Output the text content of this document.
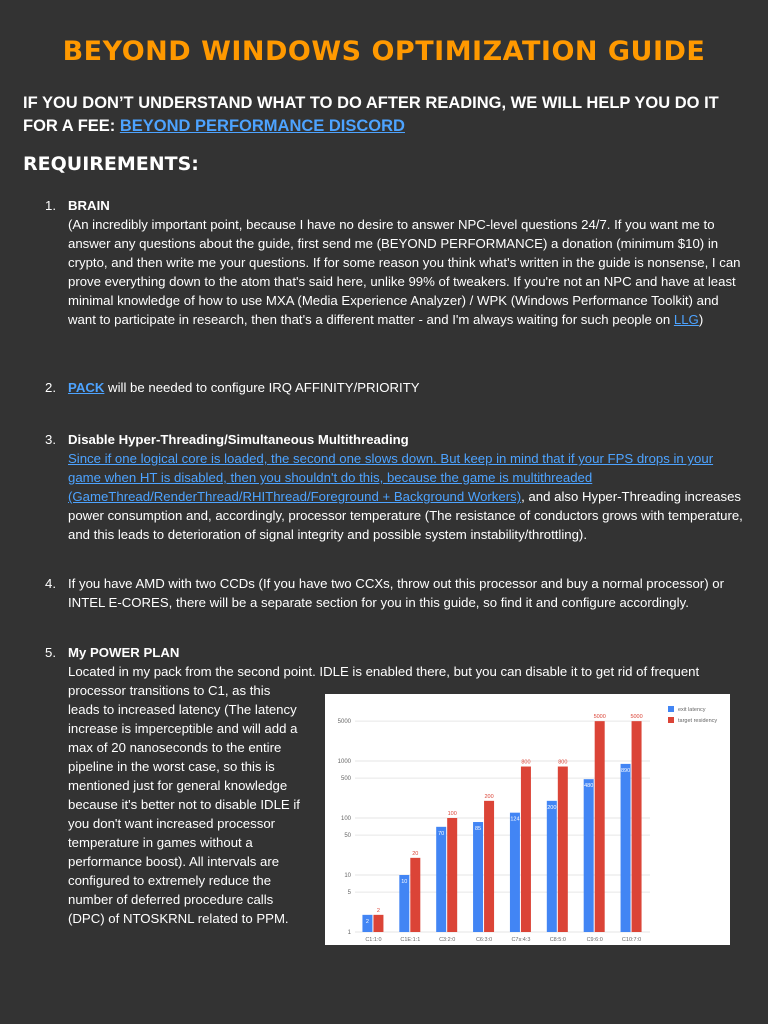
BEYOND WINDOWS OPTIMIZATION GUIDE
IF YOU DON’T UNDERSTAND WHAT TO DO AFTER READING, WE WILL HELP YOU DO IT FOR A FEE: BEYOND PERFORMANCE DISCORD
REQUIREMENTS:
1. BRAIN
(An incredibly important point, because I have no desire to answer NPC-level questions 24/7. If you want me to answer any questions about the guide, first send me (BEYOND PERFORMANCE) a donation (minimum $10) in crypto, and then write me your questions. If for some reason you think what's written in the guide is nonsense, I can prove everything down to the atom that's said here, unlike 99% of tweakers. If you're not an NPC and have at least minimal knowledge of how to use MXA (Media Experience Analyzer) / WPK (Windows Performance Toolkit) and want to participate in research, then that's a different matter - and I'm always waiting for such people on LLG)
2. PACK will be needed to configure IRQ AFFINITY/PRIORITY
3. Disable Hyper-Threading/Simultaneous Multithreading
Since if one logical core is loaded, the second one slows down. But keep in mind that if your FPS drops in your game when HT is disabled, then you shouldn't do this, because the game is multithreaded (GameThread/RenderThread/RHIThread/Foreground + Background Workers), and also Hyper-Threading increases power consumption and, accordingly, processor temperature (The resistance of conductors grows with temperature, and this leads to deterioration of signal integrity and possible system instability/throttling).
4. If you have AMD with two CCDs (If you have two CCXs, throw out this processor and buy a normal processor) or INTEL E-CORES, there will be a separate section for you in this guide, so find it and configure accordingly.
5. My POWER PLAN
Located in my pack from the second point. IDLE is enabled there, but you can disable it to get rid of frequent
processor transitions to C1, as this leads to increased latency (The latency increase is imperceptible and will add a max of 20 nanoseconds to the entire pipeline in the worst case, so this is mentioned just for general knowledge because it's better not to disable IDLE if you don't want increased processor temperature in games without a performance boost). All intervals are configured to extremely reduce the number of deferred procedure calls (DPC) of NTOSKRNL related to PPM.
1
5
10
50
100
500
1000
5000
2
2
C1:1:0
10
20
C1E:1:1
70
100
C3:2:0
85
200
C6:3:0
124
800
C7s:4:3
200
800
C8:5:0
480
5000
C9:6:0
890
5000
C10:7:0
exit latency
target residency
